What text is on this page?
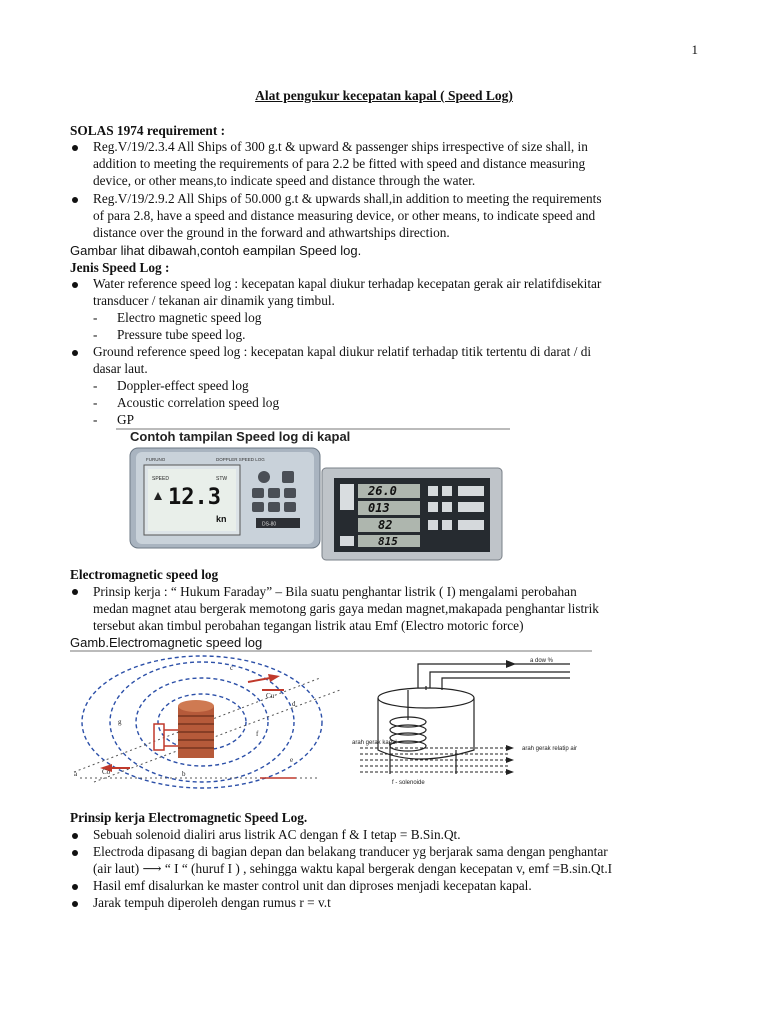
1
Alat pengukur kecepatan kapal ( Speed Log)
SOLAS 1974 requirement :
Reg.V/19/2.3.4 All Ships of 300 g.t & upward & passenger ships irrespective of size shall, in
addition to meeting the requirements of para 2.2 be fitted with speed and distance measuring
device, or other means,to indicate speed and distance through the water.
Reg.V/19/2.9.2 All Ships of 50.000 g.t & upwards shall,in addition to meeting the requirements
of para 2.8, have a speed and distance measuring device, or other means, to indicate speed and
distance over the ground in the forward and athwartships direction.
Gambar lihat dibawah,contoh eampilan Speed log.
Jenis Speed Log :
Water reference speed log : kecepatan kapal diukur terhadap kecepatan gerak air relatifdisekitar
transducer / tekanan air dinamik yang timbul.
- Electro magnetic speed log
- Pressure tube speed log.
Ground reference speed log : kecepatan kapal diukur relatif terhadap titik tertentu di darat / di
dasar laut.
- Doppler-effect speed log
- Acoustic correlation speed log
- GP
Contoh tampilan Speed log di kapal
FURUNO	DOPPLER SPEED LOG
SPEED	STW
12.3
kn
DS-80
26.0
013
82
815
Electromagnetic speed log
Prinsip kerja : “ Hukum Faraday” – Bila suatu penghantar listrik ( I) mengalami perobahan
medan magnet atau bergerak memotong garis gaya medan magnet,makapada penghantar listrik
tersebut akan timbul perobahan tegangan listrik atau Emf (Electro motoric force)
Gamb.Electromagnetic speed log
a	b
c
d
e
f
g
Co
Cu
arah gerak kapal
arah gerak relatip air
a dow %
f - solenoide
Prinsip kerja Electromagnetic Speed Log.
Sebuah solenoid dialiri arus listrik AC dengan f & I tetap = B.Sin.Qt.
Electroda dipasang di bagian depan dan belakang tranducer yg berjarak sama dengan penghantar
(air laut) ⟶ “ I “ (huruf I ) , sehingga waktu kapal bergerak dengan kecepatan v, emf =B.sin.Qt.I
Hasil emf disalurkan ke master control unit dan diproses menjadi kecepatan kapal.
Jarak tempuh diperoleh dengan rumus r = v.t
